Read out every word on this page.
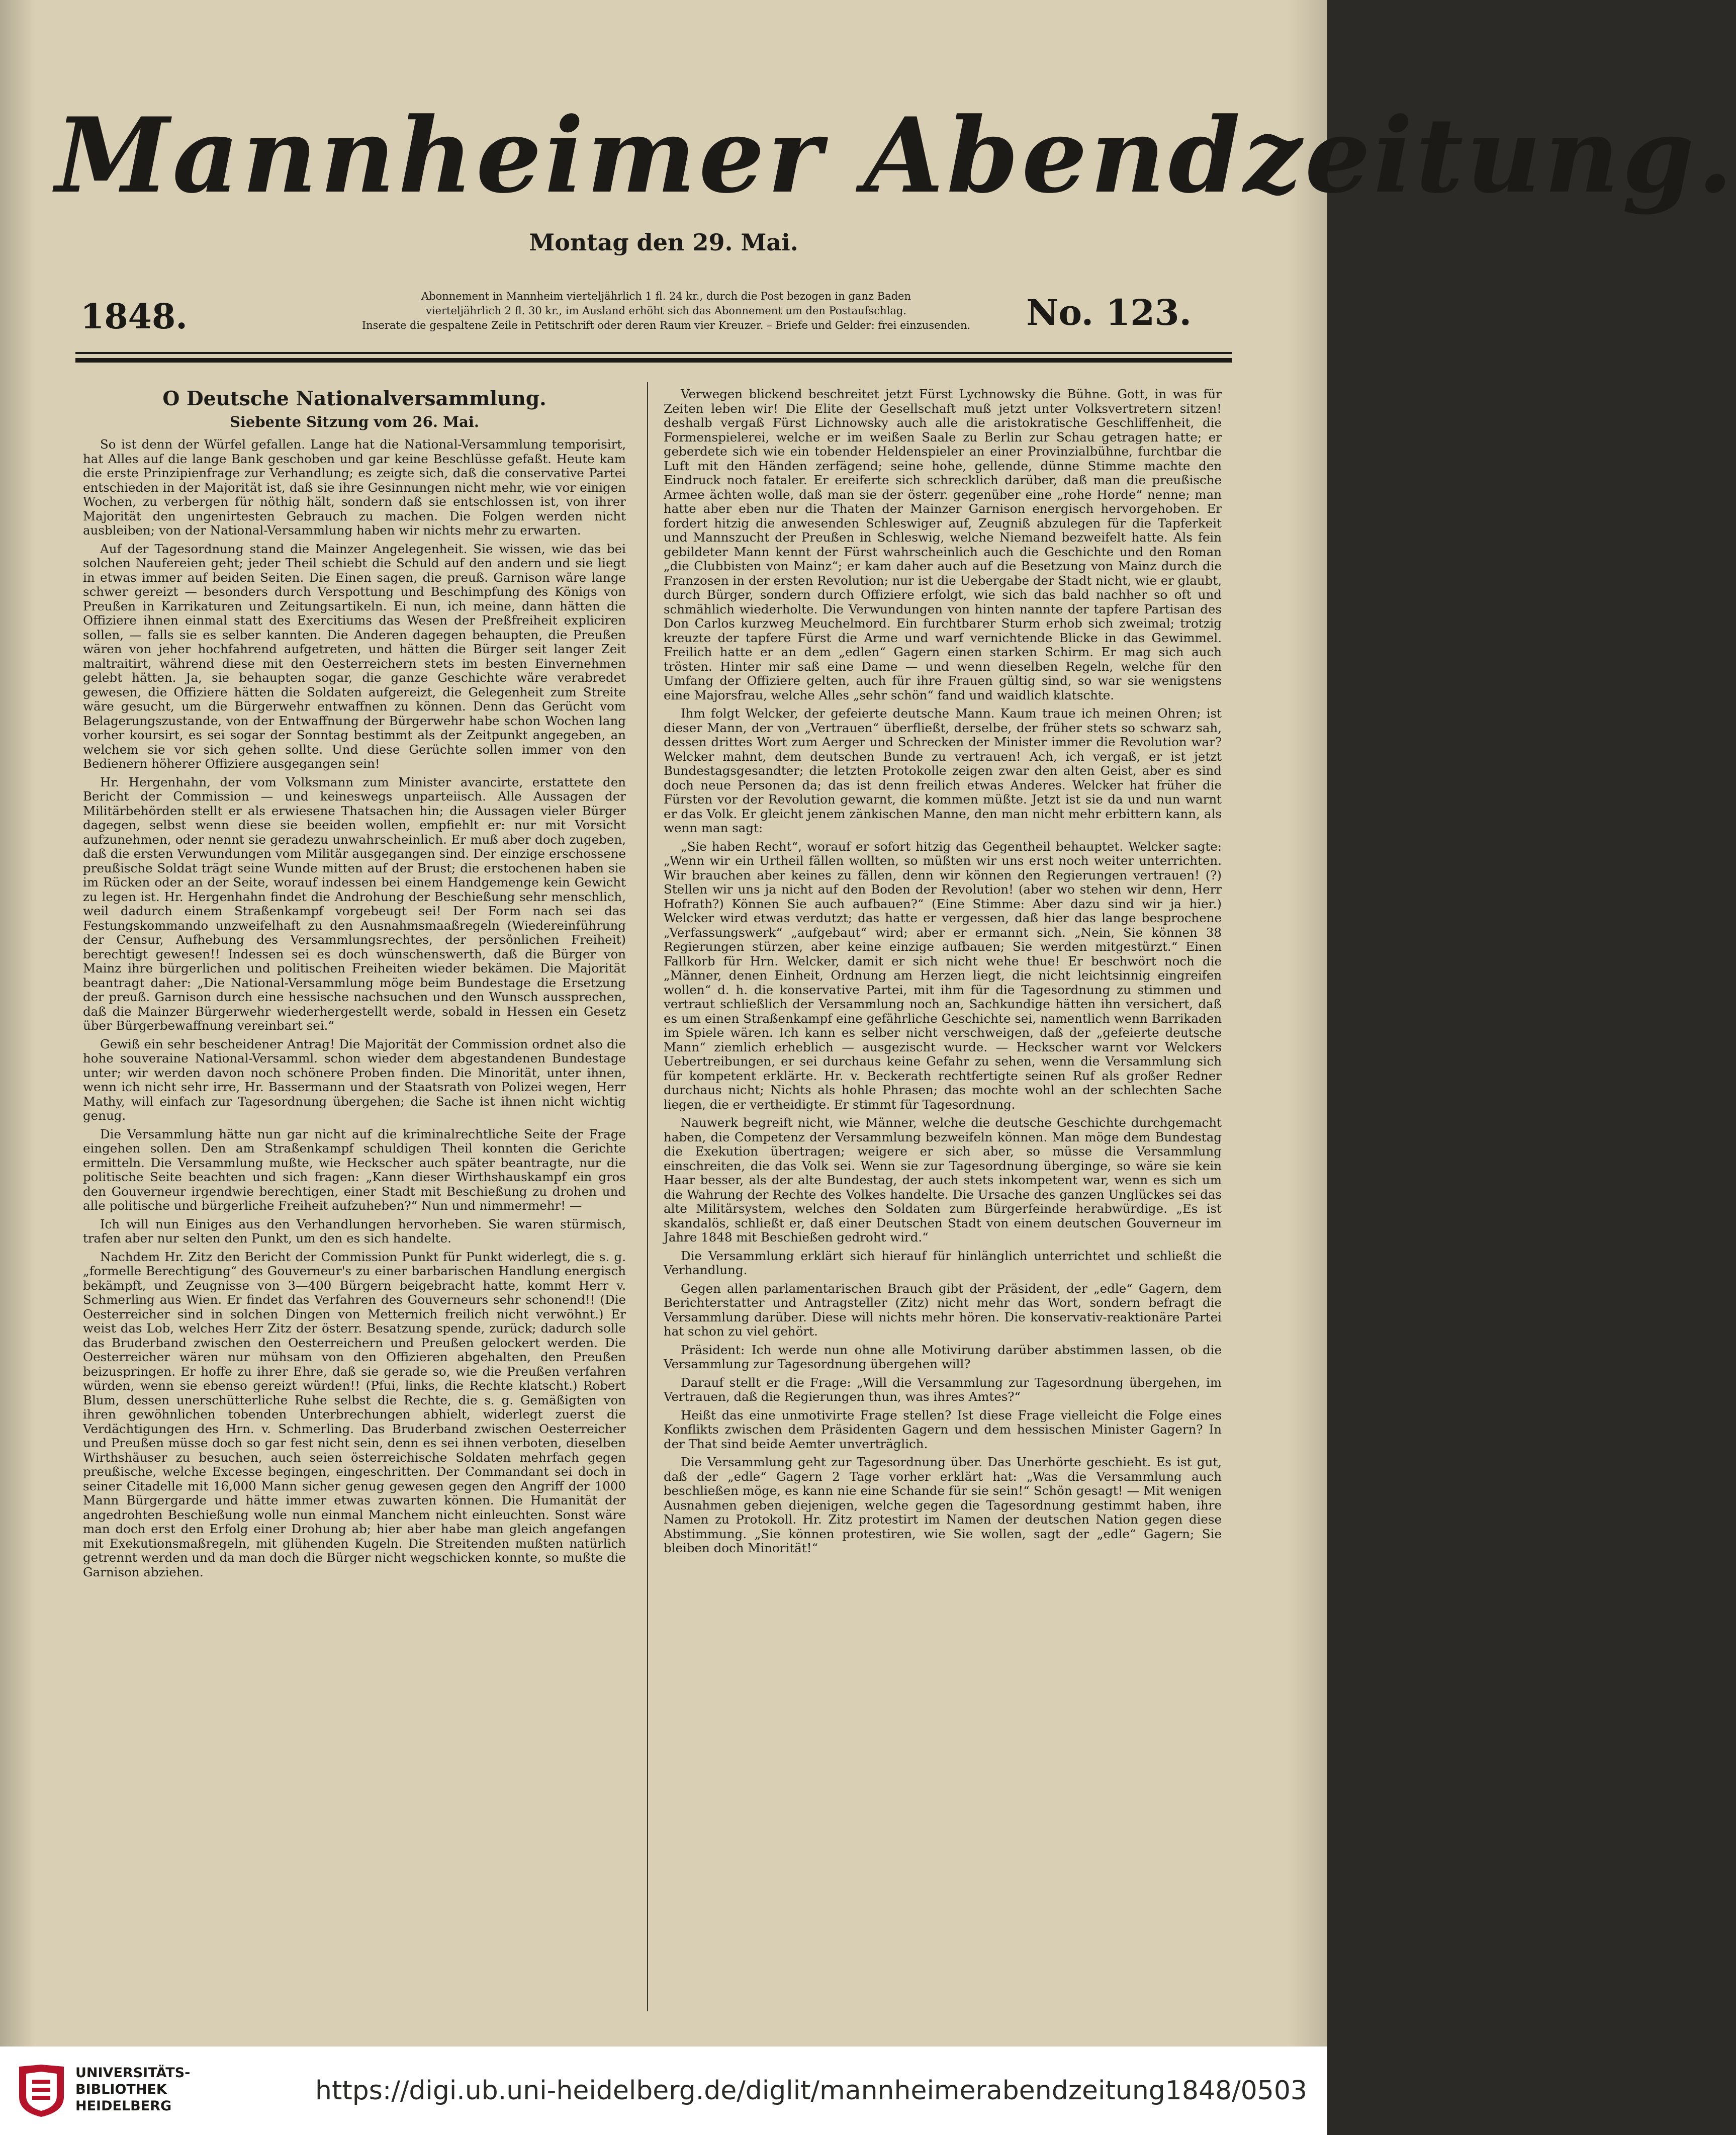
Mannheimer Abendzeitung.
Montag den 29. Mai.
1848.
Abonnement in Mannheim vierteljährlich 1 fl. 24 kr., durch die Post bezogen in ganz Baden
vierteljährlich 2 fl. 30 kr., im Ausland erhöht sich das Abonnement um den Postaufschlag.
Inserate die gespaltene Zeile in Petitschrift oder deren Raum vier Kreuzer. – Briefe und Gelder: frei einzusenden.	No. 123.
O Deutsche Nationalversammlung.
Siebente Sitzung vom 26. Mai.

So ist denn der Würfel gefallen. Lange hat die National-Versammlung temporisirt, hat Alles auf die lange Bank geschoben und gar keine Beschlüsse gefaßt. Heute kam die erste Prinzipienfrage zur Verhandlung; es zeigte sich, daß die conservative Partei entschieden in der Majorität ist, daß sie ihre Gesinnungen nicht mehr, wie vor einigen Wochen, zu verbergen für nöthig hält, sondern daß sie entschlossen ist, von ihrer Majorität den ungenirtesten Gebrauch zu machen. Die Folgen werden nicht ausbleiben; von der National-Versammlung haben wir nichts mehr zu erwarten.

Auf der Tagesordnung stand die Mainzer Angelegenheit. Sie wissen, wie das bei solchen Naufereien geht; jeder Theil schiebt die Schuld auf den andern und sie liegt in etwas immer auf beiden Seiten. Die Einen sagen, die preuß. Garnison wäre lange schwer gereizt — besonders durch Verspottung und Beschimpfung des Königs von Preußen in Karrikaturen und Zeitungsartikeln. Ei nun, ich meine, dann hätten die Offiziere ihnen einmal statt des Exercitiums das Wesen der Preßfreiheit expliciren sollen, — falls sie es selber kannten. Die Anderen dagegen behaupten, die Preußen wären von jeher hochfahrend aufgetreten, und hätten die Bürger seit langer Zeit maltraitirt, während diese mit den Oesterreichern stets im besten Einvernehmen gelebt hätten. Ja, sie behaupten sogar, die ganze Geschichte wäre verabredet gewesen, die Offiziere hätten die Soldaten aufgereizt, die Gelegenheit zum Streite wäre gesucht, um die Bürgerwehr entwaffnen zu können. Denn das Gerücht vom Belagerungszustande, von der Entwaffnung der Bürgerwehr habe schon Wochen lang vorher koursirt, es sei sogar der Sonntag bestimmt als der Zeitpunkt angegeben, an welchem sie vor sich gehen sollte. Und diese Gerüchte sollen immer von den Bedienern höherer Offiziere ausgegangen sein!

Hr. Hergenhahn, der vom Volksmann zum Minister avancirte, erstattete den Bericht der Commission — und keineswegs unparteiisch. Alle Aussagen der Militärbehörden stellt er als erwiesene Thatsachen hin; die Aussagen vieler Bürger dagegen, selbst wenn diese sie beeiden wollen, empfiehlt er: nur mit Vorsicht aufzunehmen, oder nennt sie geradezu unwahrscheinlich. Er muß aber doch zugeben, daß die ersten Verwundungen vom Militär ausgegangen sind. Der einzige erschossene preußische Soldat trägt seine Wunde mitten auf der Brust; die erstochenen haben sie im Rücken oder an der Seite, worauf indessen bei einem Handgemenge kein Gewicht zu legen ist. Hr. Hergenhahn findet die Androhung der Beschießung sehr menschlich, weil dadurch einem Straßenkampf vorgebeugt sei! Der Form nach sei das Festungskommando unzweifelhaft zu den Ausnahmsmaaßregeln (Wiedereinführung der Censur, Aufhebung des Versammlungsrechtes, der persönlichen Freiheit) berechtigt gewesen!! Indessen sei es doch wünschenswerth, daß die Bürger von Mainz ihre bürgerlichen und politischen Freiheiten wieder bekämen. Die Majorität beantragt daher: „Die National-Versammlung möge beim Bundestage die Ersetzung der preuß. Garnison durch eine hessische nachsuchen und den Wunsch aussprechen, daß die Mainzer Bürgerwehr wiederhergestellt werde, sobald in Hessen ein Gesetz über Bürgerbewaffnung vereinbart sei.“

Gewiß ein sehr bescheidener Antrag! Die Majorität der Commission ordnet also die hohe souveraine National-Versamml. schon wieder dem abgestandenen Bundestage unter; wir werden davon noch schönere Proben finden. Die Minorität, unter ihnen, wenn ich nicht sehr irre, Hr. Bassermann und der Staatsrath von Polizei wegen, Herr Mathy, will einfach zur Tagesordnung übergehen; die Sache ist ihnen nicht wichtig genug.

Die Versammlung hätte nun gar nicht auf die kriminalrechtliche Seite der Frage eingehen sollen. Den am Straßenkampf schuldigen Theil konnten die Gerichte ermitteln. Die Versammlung mußte, wie Heckscher auch später beantragte, nur die politische Seite beachten und sich fragen: „Kann dieser Wirthshauskampf ein gros den Gouverneur irgendwie berechtigen, einer Stadt mit Beschießung zu drohen und alle politische und bürgerliche Freiheit aufzuheben?“ Nun und nimmermehr! —

Ich will nun Einiges aus den Verhandlungen hervorheben. Sie waren stürmisch, trafen aber nur selten den Punkt, um den es sich handelte.

Nachdem Hr. Zitz den Bericht der Commission Punkt für Punkt widerlegt, die s. g. „formelle Berechtigung“ des Gouverneur's zu einer barbarischen Handlung energisch bekämpft, und Zeugnisse von 3—400 Bürgern beigebracht hatte, kommt Herr v. Schmerling aus Wien. Er findet das Verfahren des Gouverneurs sehr schonend!! (Die Oesterreicher sind in solchen Dingen von Metternich freilich nicht verwöhnt.) Er weist das Lob, welches Herr Zitz der österr. Besatzung spende, zurück; dadurch solle das Bruderband zwischen den Oesterreichern und Preußen gelockert werden. Die Oesterreicher wären nur mühsam von den Offizieren abgehalten, den Preußen beizuspringen. Er hoffe zu ihrer Ehre, daß sie gerade so, wie die Preußen verfahren würden, wenn sie ebenso gereizt würden!! (Pfui, links, die Rechte klatscht.) Robert Blum, dessen unerschütterliche Ruhe selbst die Rechte, die s. g. Gemäßigten von ihren gewöhnlichen tobenden Unterbrechungen abhielt, widerlegt zuerst die Verdächtigungen des Hrn. v. Schmerling. Das Bruderband zwischen Oesterreicher und Preußen müsse doch so gar fest nicht sein, denn es sei ihnen verboten, dieselben Wirthshäuser zu besuchen, auch seien österreichische Soldaten mehrfach gegen preußische, welche Excesse begingen, eingeschritten. Der Commandant sei doch in seiner Citadelle mit 16,000 Mann sicher genug gewesen gegen den Angriff der 1000 Mann Bürgergarde und hätte immer etwas zuwarten können. Die Humanität der angedrohten Beschießung wolle nun einmal Manchem nicht einleuchten. Sonst wäre man doch erst den Erfolg einer Drohung ab; hier aber habe man gleich angefangen mit Exekutionsmaßregeln, mit glühenden Kugeln. Die Streitenden mußten natürlich getrennt werden und da man doch die Bürger nicht wegschicken konnte, so mußte die Garnison abziehen.

Verwegen blickend beschreitet jetzt Fürst Lychnowsky die Bühne. Gott, in was für Zeiten leben wir! Die Elite der Gesellschaft muß jetzt unter Volksvertretern sitzen! deshalb vergaß Fürst Lichnowsky auch alle die aristokratische Geschliffenheit, die Formenspielerei, welche er im weißen Saale zu Berlin zur Schau getragen hatte; er geberdete sich wie ein tobender Heldenspieler an einer Provinzialbühne, furchtbar die Luft mit den Händen zerfägend; seine hohe, gellende, dünne Stimme machte den Eindruck noch fataler. Er ereiferte sich schrecklich darüber, daß man die preußische Armee ächten wolle, daß man sie der österr. gegenüber eine „rohe Horde“ nenne; man hatte aber eben nur die Thaten der Mainzer Garnison energisch hervorgehoben. Er fordert hitzig die anwesenden Schleswiger auf, Zeugniß abzulegen für die Tapferkeit und Mannszucht der Preußen in Schleswig, welche Niemand bezweifelt hatte. Als fein gebildeter Mann kennt der Fürst wahrscheinlich auch die Geschichte und den Roman „die Clubbisten von Mainz“; er kam daher auch auf die Besetzung von Mainz durch die Franzosen in der ersten Revolution; nur ist die Uebergabe der Stadt nicht, wie er glaubt, durch Bürger, sondern durch Offiziere erfolgt, wie sich das bald nachher so oft und schmählich wiederholte. Die Verwundungen von hinten nannte der tapfere Partisan des Don Carlos kurzweg Meuchelmord. Ein furchtbarer Sturm erhob sich zweimal; trotzig kreuzte der tapfere Fürst die Arme und warf vernichtende Blicke in das Gewimmel. Freilich hatte er an dem „edlen“ Gagern einen starken Schirm. Er mag sich auch trösten. Hinter mir saß eine Dame — und wenn dieselben Regeln, welche für den Umfang der Offiziere gelten, auch für ihre Frauen gültig sind, so war sie wenigstens eine Majorsfrau, welche Alles „sehr schön“ fand und waidlich klatschte.

Ihm folgt Welcker, der gefeierte deutsche Mann. Kaum traue ich meinen Ohren; ist dieser Mann, der von „Vertrauen“ überfließt, derselbe, der früher stets so schwarz sah, dessen drittes Wort zum Aerger und Schrecken der Minister immer die Revolution war? Welcker mahnt, dem deutschen Bunde zu vertrauen! Ach, ich vergaß, er ist jetzt Bundestagsgesandter; die letzten Protokolle zeigen zwar den alten Geist, aber es sind doch neue Personen da; das ist denn freilich etwas Anderes. Welcker hat früher die Fürsten vor der Revolution gewarnt, die kommen müßte. Jetzt ist sie da und nun warnt er das Volk. Er gleicht jenem zänkischen Manne, den man nicht mehr erbittern kann, als wenn man sagt:

„Sie haben Recht“, worauf er sofort hitzig das Gegentheil behauptet. Welcker sagte: „Wenn wir ein Urtheil fällen wollten, so müßten wir uns erst noch weiter unterrichten. Wir brauchen aber keines zu fällen, denn wir können den Regierungen vertrauen! (?) Stellen wir uns ja nicht auf den Boden der Revolution! (aber wo stehen wir denn, Herr Hofrath?) Können Sie auch aufbauen?“ (Eine Stimme: Aber dazu sind wir ja hier.) Welcker wird etwas verdutzt; das hatte er vergessen, daß hier das lange besprochene „Verfassungswerk“ „aufgebaut“ wird; aber er ermannt sich. „Nein, Sie können 38 Regierungen stürzen, aber keine einzige aufbauen; Sie werden mitgestürzt.“ Einen Fallkorb für Hrn. Welcker, damit er sich nicht wehe thue! Er beschwört noch die „Männer, denen Einheit, Ordnung am Herzen liegt, die nicht leichtsinnig eingreifen wollen“ d. h. die konservative Partei, mit ihm für die Tagesordnung zu stimmen und vertraut schließlich der Versammlung noch an, Sachkundige hätten ihn versichert, daß es um einen Straßenkampf eine gefährliche Geschichte sei, namentlich wenn Barrikaden im Spiele wären. Ich kann es selber nicht verschweigen, daß der „gefeierte deutsche Mann“ ziemlich erheblich — ausgezischt wurde. — Heckscher warnt vor Welckers Uebertreibungen, er sei durchaus keine Gefahr zu sehen, wenn die Versammlung sich für kompetent erklärte. Hr. v. Beckerath rechtfertigte seinen Ruf als großer Redner durchaus nicht; Nichts als hohle Phrasen; das mochte wohl an der schlechten Sache liegen, die er vertheidigte. Er stimmt für Tagesordnung.

Nauwerk begreift nicht, wie Männer, welche die deutsche Geschichte durchgemacht haben, die Competenz der Versammlung bezweifeln können. Man möge dem Bundestag die Exekution übertragen; weigere er sich aber, so müsse die Versammlung einschreiten, die das Volk sei. Wenn sie zur Tagesordnung überginge, so wäre sie kein Haar besser, als der alte Bundestag, der auch stets inkompetent war, wenn es sich um die Wahrung der Rechte des Volkes handelte. Die Ursache des ganzen Unglückes sei das alte Militärsystem, welches den Soldaten zum Bürgerfeinde herabwürdige. „Es ist skandalös, schließt er, daß einer Deutschen Stadt von einem deutschen Gouverneur im Jahre 1848 mit Beschießen gedroht wird.“

Die Versammlung erklärt sich hierauf für hinlänglich unterrichtet und schließt die Verhandlung.

Gegen allen parlamentarischen Brauch gibt der Präsident, der „edle“ Gagern, dem Berichterstatter und Antragsteller (Zitz) nicht mehr das Wort, sondern befragt die Versammlung darüber. Diese will nichts mehr hören. Die konservativ-reaktionäre Partei hat schon zu viel gehört.

Präsident: Ich werde nun ohne alle Motivirung darüber abstimmen lassen, ob die Versammlung zur Tagesordnung übergehen will?

Darauf stellt er die Frage: „Will die Versammlung zur Tagesordnung übergehen, im Vertrauen, daß die Regierungen thun, was ihres Amtes?“

Heißt das eine unmotivirte Frage stellen? Ist diese Frage vielleicht die Folge eines Konflikts zwischen dem Präsidenten Gagern und dem hessischen Minister Gagern? In der That sind beide Aemter unverträglich.

Die Versammlung geht zur Tagesordnung über. Das Unerhörte geschieht. Es ist gut, daß der „edle“ Gagern 2 Tage vorher erklärt hat: „Was die Versammlung auch beschließen möge, es kann nie eine Schande für sie sein!“ Schön gesagt! — Mit wenigen Ausnahmen geben diejenigen, welche gegen die Tagesordnung gestimmt haben, ihre Namen zu Protokoll. Hr. Zitz protestirt im Namen der deutschen Nation gegen diese Abstimmung. „Sie können protestiren, wie Sie wollen, sagt der „edle“ Gagern; Sie bleiben doch Minorität!“

UNIVERSITÄTS-
BIBLIOTHEK
HEIDELBERG
https://digi.ub.uni-heidelberg.de/diglit/mannheimerabendzeitung1848/0503
